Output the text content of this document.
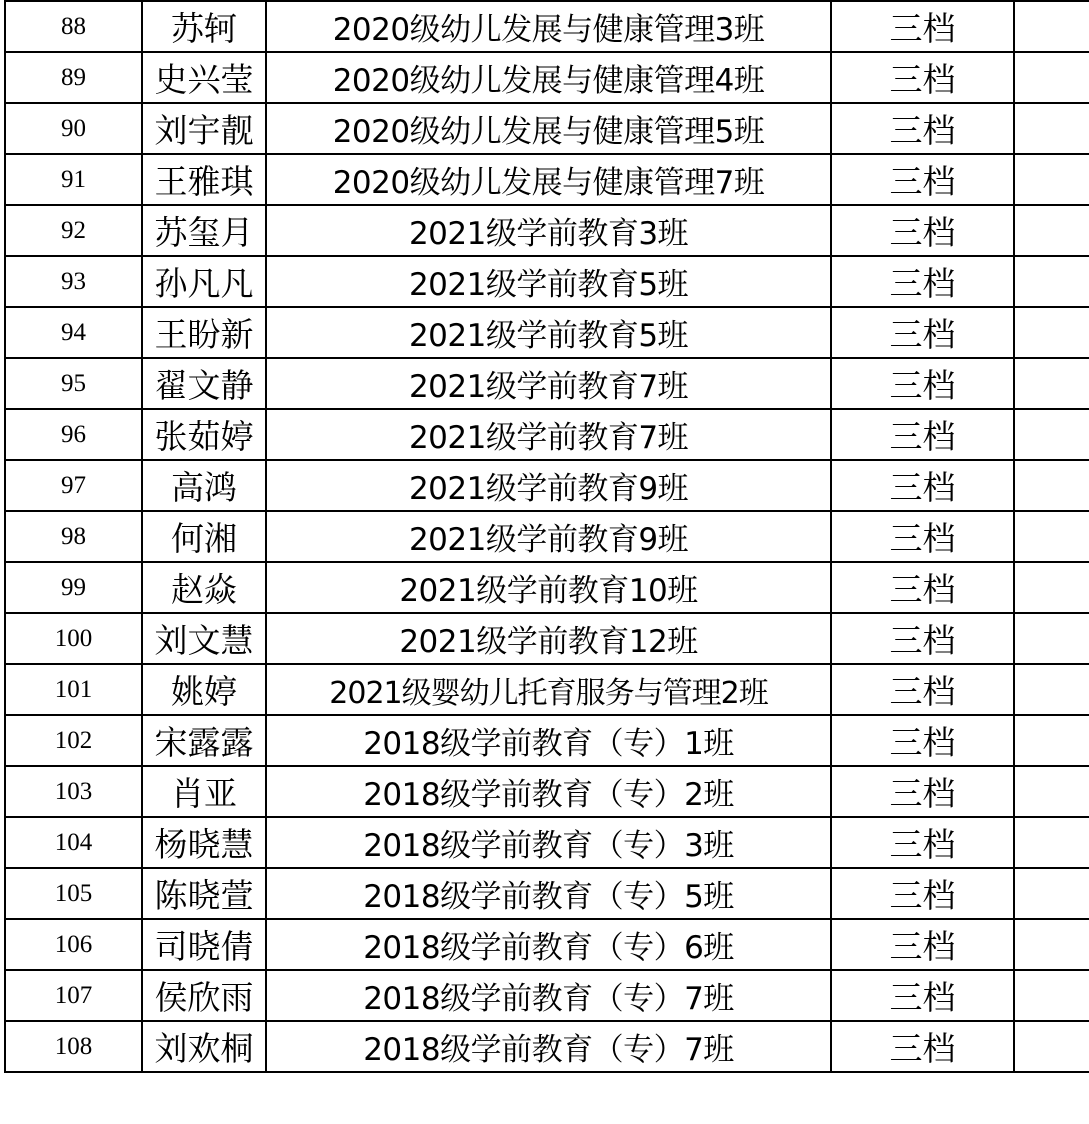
88	苏轲	2020级幼儿发展与健康管理3班	三档	
89	史兴莹	2020级幼儿发展与健康管理4班	三档	
90	刘宇靓	2020级幼儿发展与健康管理5班	三档	
91	王雅琪	2020级幼儿发展与健康管理7班	三档	
92	苏玺月	2021级学前教育3班	三档	
93	孙凡凡	2021级学前教育5班	三档	
94	王盼新	2021级学前教育5班	三档	
95	翟文静	2021级学前教育7班	三档	
96	张茹婷	2021级学前教育7班	三档	
97	高鸿	2021级学前教育9班	三档	
98	何湘	2021级学前教育9班	三档	
99	赵焱	2021级学前教育10班	三档	
100	刘文慧	2021级学前教育12班	三档	
101	姚婷	2021级婴幼儿托育服务与管理2班	三档	
102	宋露露	2018级学前教育（专）1班	三档	
103	肖亚	2018级学前教育（专）2班	三档	
104	杨晓慧	2018级学前教育（专）3班	三档	
105	陈晓萱	2018级学前教育（专）5班	三档	
106	司晓倩	2018级学前教育（专）6班	三档	
107	侯欣雨	2018级学前教育（专）7班	三档	
108	刘欢桐	2018级学前教育（专）7班	三档	
